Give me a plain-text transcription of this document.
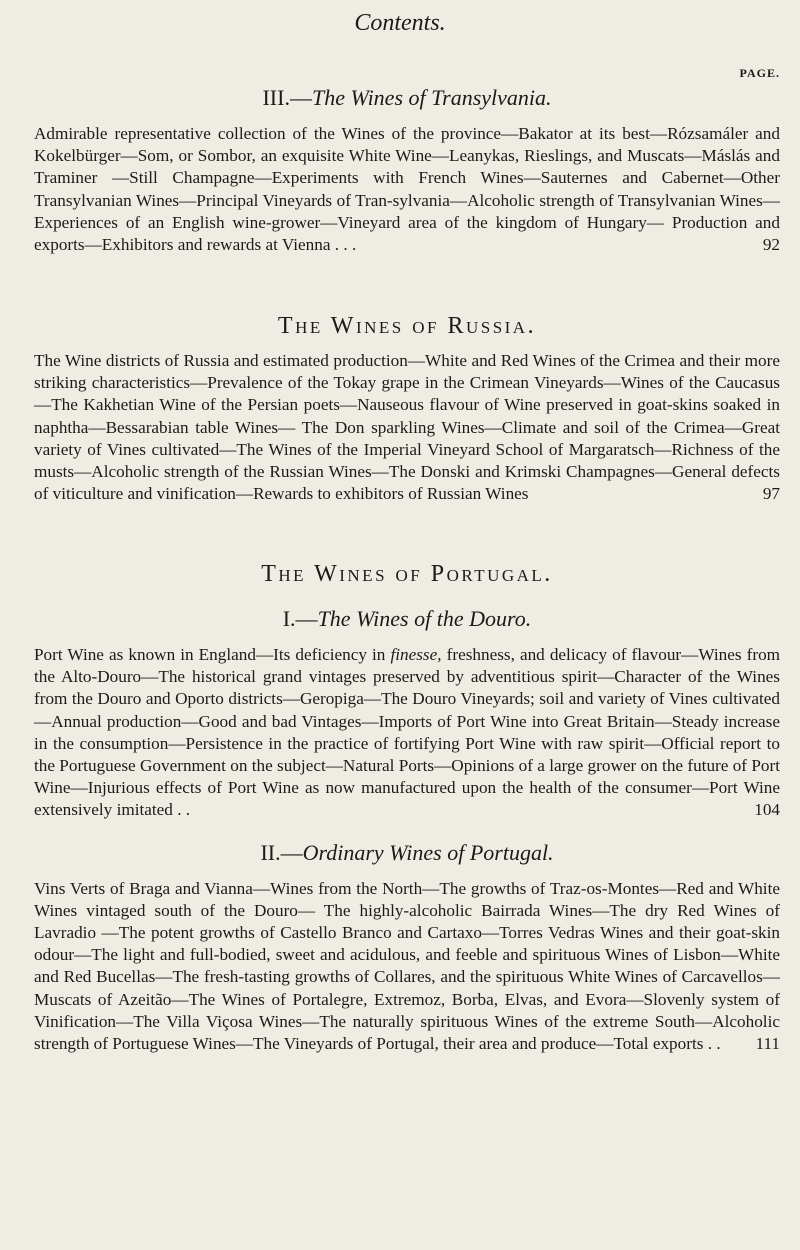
Contents.
PAGE.
III.—The Wines of Transylvania.
Admirable representative collection of the Wines of the province—Bakator at its best—Rózsamáler and Kokelbürger—Som, or Sombor, an exquisite White Wine—Leanykas, Rieslings, and Muscats—Máslás and Traminer —Still Champagne—Experiments with French Wines—Sauternes and Cabernet—Other Transylvanian Wines—Principal Vineyards of Tran-sylvania—Alcoholic strength of Transylvanian Wines—Experiences of an English wine-grower—Vineyard area of the kingdom of Hungary— Production and exports—Exhibitors and rewards at Vienna . . .	92
The Wines of Russia.
The Wine districts of Russia and estimated production—White and Red Wines of the Crimea and their more striking characteristics—Prevalence of the Tokay grape in the Crimean Vineyards—Wines of the Caucasus —The Kakhetian Wine of the Persian poets—Nauseous flavour of Wine preserved in goat-skins soaked in naphtha—Bessarabian table Wines— The Don sparkling Wines—Climate and soil of the Crimea—Great variety of Vines cultivated—The Wines of the Imperial Vineyard School of Margaratsch—Richness of the musts—Alcoholic strength of the Russian Wines—The Donski and Krimski Champagnes—General defects of viticulture and vinification—Rewards to exhibitors of Russian Wines	97
The Wines of Portugal.
I.—The Wines of the Douro.
Port Wine as known in England—Its deficiency in finesse, freshness, and delicacy of flavour—Wines from the Alto-Douro—The historical grand vintages preserved by adventitious spirit—Character of the Wines from the Douro and Oporto districts—Geropiga—The Douro Vineyards; soil and variety of Vines cultivated—Annual production—Good and bad Vintages—Imports of Port Wine into Great Britain—Steady increase in the consumption—Persistence in the practice of fortifying Port Wine with raw spirit—Official report to the Portuguese Government on the subject—Natural Ports—Opinions of a large grower on the future of Port Wine—Injurious effects of Port Wine as now manufactured upon the health of the consumer—Port Wine extensively imitated . .	104
II.—Ordinary Wines of Portugal.
Vins Verts of Braga and Vianna—Wines from the North—The growths of Traz-os-Montes—Red and White Wines vintaged south of the Douro— The highly-alcoholic Bairrada Wines—The dry Red Wines of Lavradio —The potent growths of Castello Branco and Cartaxo—Torres Vedras Wines and their goat-skin odour—The light and full-bodied, sweet and acidulous, and feeble and spirituous Wines of Lisbon—White and Red Bucellas—The fresh-tasting growths of Collares, and the spirituous White Wines of Carcavellos—Muscats of Azeitão—The Wines of Portalegre, Extremoz, Borba, Elvas, and Evora—Slovenly system of Vinification—The Villa Viçosa Wines—The naturally spirituous Wines of the extreme South—Alcoholic strength of Portuguese Wines—The Vineyards of Portugal, their area and produce—Total exports . . 111
